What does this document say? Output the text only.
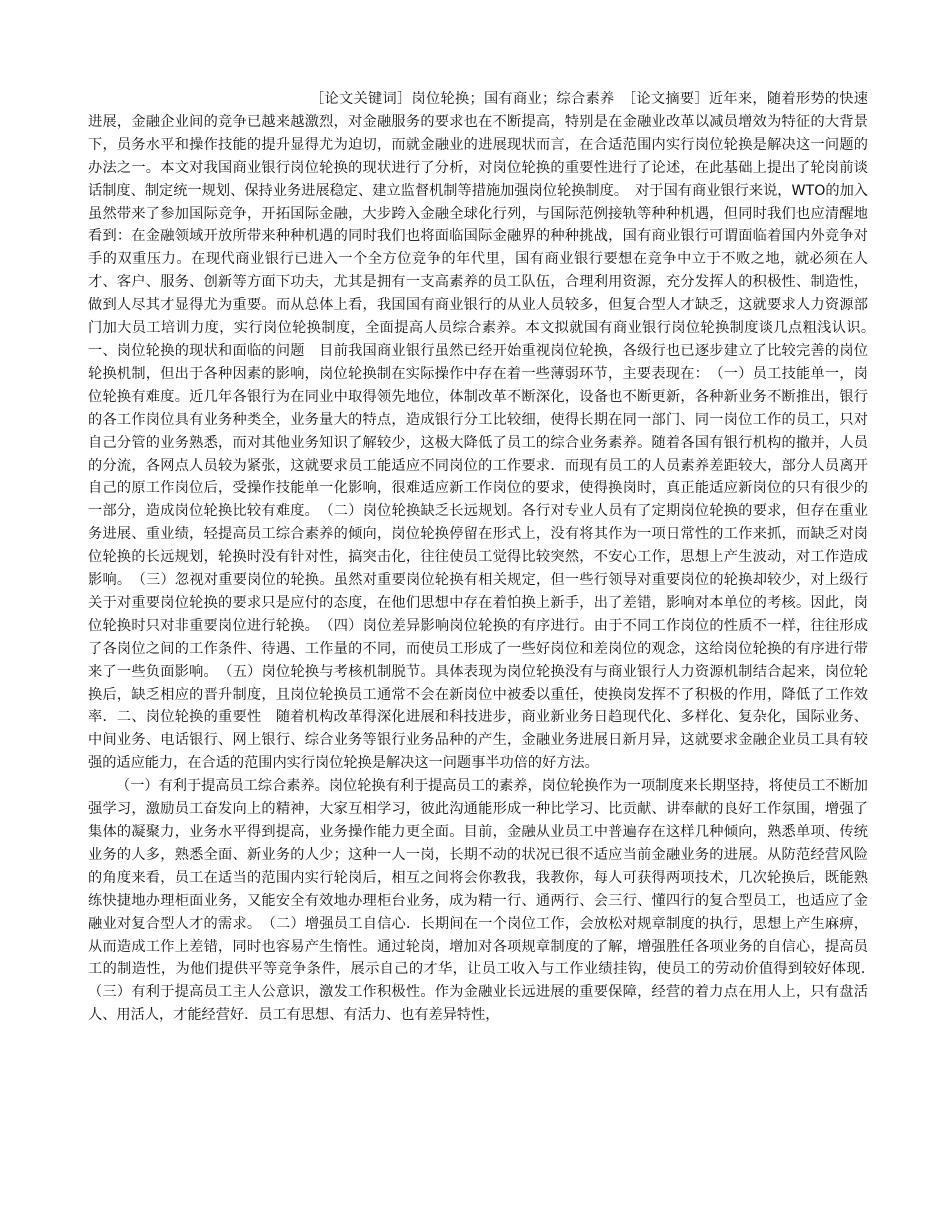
［论文关键词］岗位轮换；国有商业；综合素养　［论文摘要］近年来，随着形势的快速进展，金融企业间的竞争已越来越激烈，对金融服务的要求也在不断提高，特别是在金融业改革以减员增效为特征的大背景下，员务水平和操作技能的提升显得尤为迫切，而就金融业的进展现状而言，在合适范围内实行岗位轮换是解决这一问题的办法之一。本文对我国商业银行岗位轮换的现状进行了分析，对岗位轮换的重要性进行了论述，在此基础上提出了轮岗前谈话制度、制定统一规划、保持业务进展稳定、建立监督机制等措施加强岗位轮换制度。　对于国有商业银行来说，WTO的加入虽然带来了参加国际竞争，开拓国际金融，大步跨入金融全球化行列，与国际范例接轨等种种机遇，但同时我们也应清醒地看到：在金融领域开放所带来种种机遇的同时我们也将面临国际金融界的种种挑战，国有商业银行可谓面临着国内外竞争对手的双重压力。在现代商业银行已进入一个全方位竞争的年代里，国有商业银行要想在竞争中立于不败之地，就必须在人才、客户、服务、创新等方面下功夫，尤其是拥有一支高素养的员工队伍，合理利用资源，充分发挥人的积极性、制造性，做到人尽其才显得尤为重要。而从总体上看，我国国有商业银行的从业人员较多，但复合型人才缺乏，这就要求人力资源部门加大员工培训力度，实行岗位轮换制度，全面提高人员综合素养。本文拟就国有商业银行岗位轮换制度谈几点粗浅认识。　一、岗位轮换的现状和面临的问题　目前我国商业银行虽然已经开始重视岗位轮换，各级行也已逐步建立了比较完善的岗位轮换机制，但出于各种因素的影响，岗位轮换制在实际操作中存在着一些薄弱环节，主要表现在：　（一）员工技能单一，岗位轮换有难度。近几年各银行为在同业中取得领先地位，体制改革不断深化，设备也不断更新，各种新业务不断推出，银行的各工作岗位具有业务种类全，业务量大的特点，造成银行分工比较细，使得长期在同一部门、同一岗位工作的员工，只对自己分管的业务熟悉，而对其他业务知识了解较少，这极大降低了员工的综合业务素养。随着各国有银行机构的撤并，人员的分流，各网点人员较为紧张，这就要求员工能适应不同岗位的工作要求．而现有员工的人员素养差距较大，部分人员离开自己的原工作岗位后，受操作技能单一化影响，很难适应新工作岗位的要求，使得换岗时，真正能适应新岗位的只有很少的一部分，造成岗位轮换比较有难度。　（二）岗位轮换缺乏长远规划。各行对专业人员有了定期岗位轮换的要求，但存在重业务进展、重业绩，轻提高员工综合素养的倾向，岗位轮换停留在形式上，没有将其作为一项日常性的工作来抓，而缺乏对岗位轮换的长远规划，轮换时没有针对性，搞突击化，往往使员工觉得比较突然，不安心工作，思想上产生波动，对工作造成影响。　（三）忽视对重要岗位的轮换。虽然对重要岗位轮换有相关规定，但一些行领导对重要岗位的轮换却较少，对上级行关于对重要岗位轮换的要求只是应付的态度，在他们思想中存在着怕换上新手，出了差错，影响对本单位的考核。因此，岗位轮换时只对非重要岗位进行轮换。　（四）岗位差异影响岗位轮换的有序进行。由于不同工作岗位的性质不一样，往往形成了各岗位之间的工作条件、待遇、工作量的不同，而使员工形成了一些好岗位和差岗位的观念，这给岗位轮换的有序进行带来了一些负面影响。　（五）岗位轮换与考核机制脱节。具体表现为岗位轮换没有与商业银行人力资源机制结合起来，岗位轮换后，缺乏相应的晋升制度，且岗位轮换员工通常不会在新岗位中被委以重任，使换岗发挥不了积极的作用，降低了工作效率．二、岗位轮换的重要性　随着机构改革得深化进展和科技进步，商业新业务日趋现代化、多样化、复杂化，国际业务、中间业务、电话银行、网上银行、综合业务等银行业务品种的产生，金融业务进展日新月异，这就要求金融企业员工具有较强的适应能力，在合适的范围内实行岗位轮换是解决这一问题事半功倍的好方法。

（一）有利于提高员工综合素养。岗位轮换有利于提高员工的素养，岗位轮换作为一项制度来长期坚持，将使员工不断加强学习，激励员工奋发向上的精神，大家互相学习，彼此沟通能形成一种比学习、比贡献、讲奉献的良好工作氛围，增强了集体的凝聚力，业务水平得到提高，业务操作能力更全面。目前，金融从业员工中普遍存在这样几种倾向，熟悉单项、传统业务的人多，熟悉全面、新业务的人少；这种一人一岗，长期不动的状况已很不适应当前金融业务的进展。从防范经营风险的角度来看，员工在适当的范围内实行轮岗后，相互之间将会你教我，我教你，每人可获得两项技术，几次轮换后，既能熟练快捷地办理柜面业务，又能安全有效地办理柜台业务，成为精一行、通两行、会三行、懂四行的复合型员工，也适应了金融业对复合型人才的需求。　（二）增强员工自信心．长期间在一个岗位工作，会放松对规章制度的执行，思想上产生麻痹，从而造成工作上差错，同时也容易产生惰性。通过轮岗，增加对各项规章制度的了解，增强胜任各项业务的自信心，提高员工的制造性，为他们提供平等竞争条件，展示自己的才华，让员工收入与工作业绩挂钩，使员工的劳动价值得到较好体现．　（三）有利于提高员工主人公意识，激发工作积极性。作为金融业长远进展的重要保障，经营的着力点在用人上，只有盘活人、用活人，才能经营好．员工有思想、有活力、也有差异特性，
